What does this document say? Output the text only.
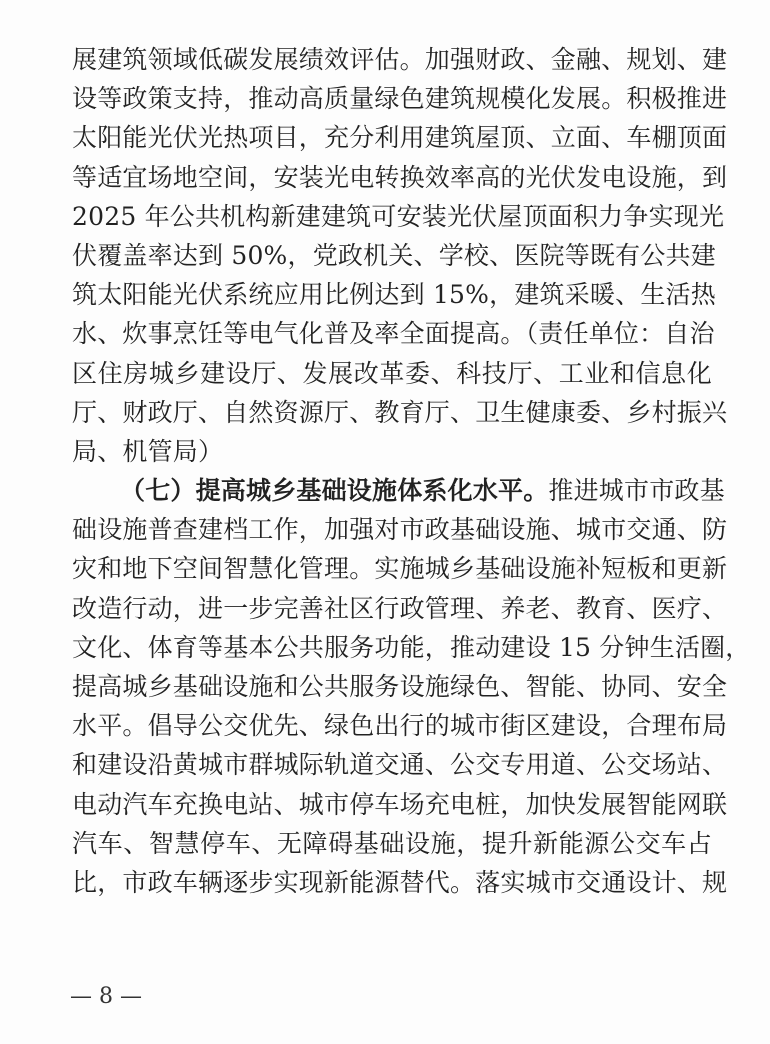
展建筑领域低碳发展绩效评估。加强财政、金融、规划、建
设等政策支持，推动高质量绿色建筑规模化发展。积极推进
太阳能光伏光热项目，充分利用建筑屋顶、立面、车棚顶面
等适宜场地空间，安装光电转换效率高的光伏发电设施，到
2025 年公共机构新建建筑可安装光伏屋顶面积力争实现光
伏覆盖率达到 50%，党政机关、学校、医院等既有公共建
筑太阳能光伏系统应用比例达到 15%，建筑采暖、生活热
水、炊事烹饪等电气化普及率全面提高。（责任单位：自治
区住房城乡建设厅、发展改革委、科技厅、工业和信息化
厅、财政厅、自然资源厅、教育厅、卫生健康委、乡村振兴
局、机管局）
（七）提高城乡基础设施体系化水平。推进城市市政基
础设施普查建档工作，加强对市政基础设施、城市交通、防
灾和地下空间智慧化管理。实施城乡基础设施补短板和更新
改造行动，进一步完善社区行政管理、养老、教育、医疗、
文化、体育等基本公共服务功能，推动建设 15 分钟生活圈，
提高城乡基础设施和公共服务设施绿色、智能、协同、安全
水平。倡导公交优先、绿色出行的城市街区建设，合理布局
和建设沿黄城市群城际轨道交通、公交专用道、公交场站、
电动汽车充换电站、城市停车场充电桩，加快发展智能网联
汽车、智慧停车、无障碍基础设施，提升新能源公交车占
比，市政车辆逐步实现新能源替代。落实城市交通设计、规
— 8 —
